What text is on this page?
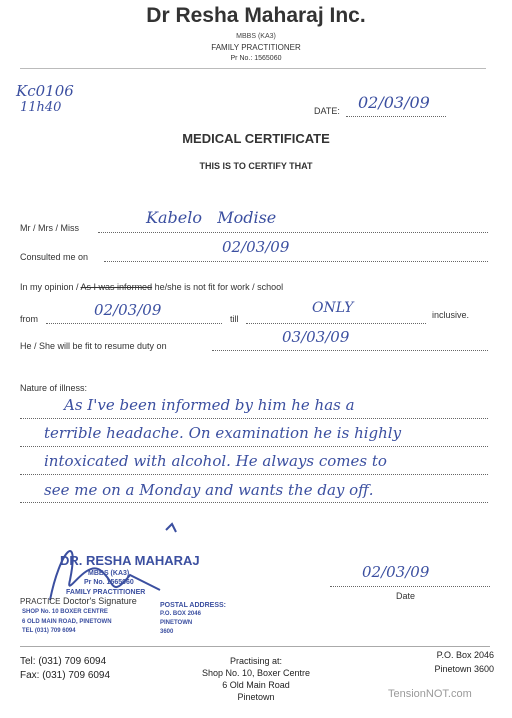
Dr Resha Maharaj Inc.
MBBS (KA3)
FAMILY PRACTITIONER
Pr No.: 1565060
Kc0106
11h40	DATE: 02/03/09
MEDICAL CERTIFICATE
THIS IS TO CERTIFY THAT
Mr / Mrs / Miss
Kabelo   Modise
Consulted me on
02/03/09
In my opinion / As I was informed he/she is not fit for work / school
from	02/03/09	till
ONLY	inclusive.
He / She will be fit to resume duty on	03/03/09
Nature of illness:
As I've been informed by him he has a
terrible headache. On examination he is highly
intoxicated with alcohol. He always comes to
see me on a Monday and wants the day off.
DR. RESHA MAHARAJ
MBBS (KA3)
Pr No. 1565060
FAMILY PRACTITIONER
PRACTICE Doctor's Signature
SHOP No. 10 BOXER CENTRE
6 OLD MAIN ROAD, PINETOWN
TEL (031) 709 6094
POSTAL ADDRESS:
P.O. BOX 2046
PINETOWN
3600
02/03/09
Date
Tel: (031) 709 6094
Fax: (031) 709 6094
Practising at:
Shop No. 10, Boxer Centre
6 Old Main Road
Pinetown
P.O. Box 2046
Pinetown 3600
TensionNOT.com
